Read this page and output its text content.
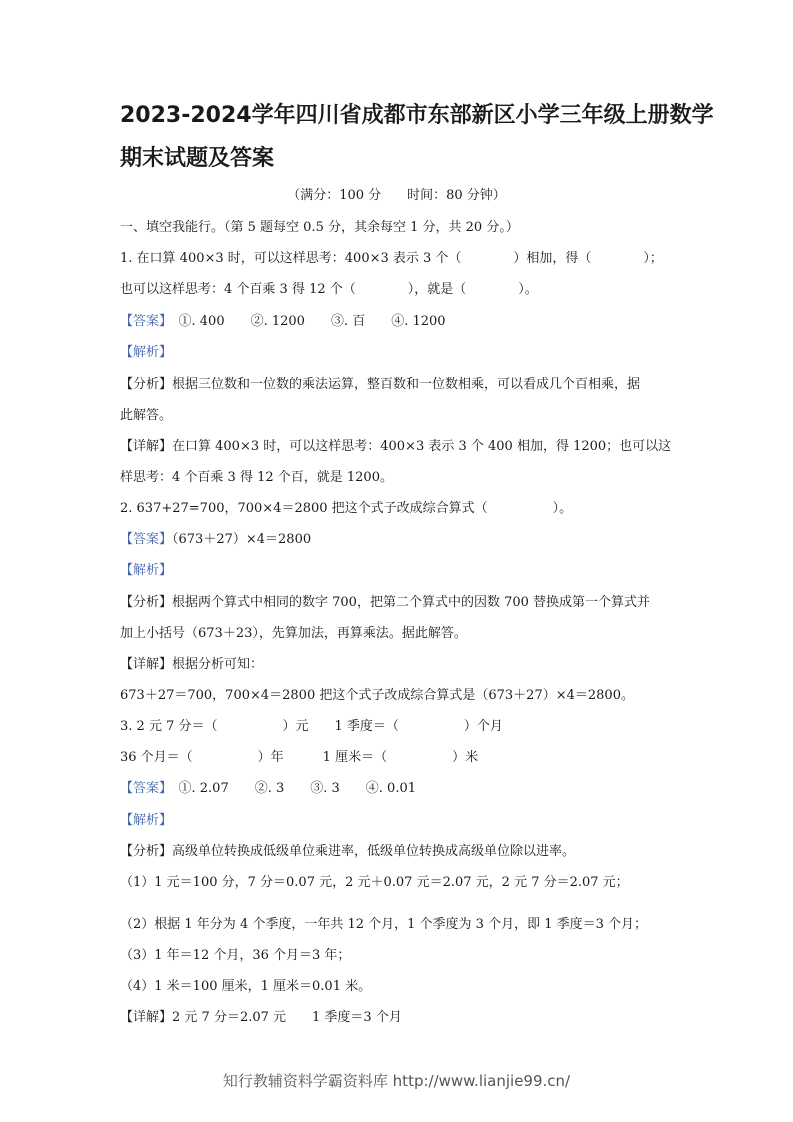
2023-2024学年四川省成都市东部新区小学三年级上册数学
期末试题及答案
（满分：100 分　　时间：80 分钟）
一、填空我能行。（第 5 题每空 0.5 分，其余每空 1 分，共 20 分。）
1. 在口算 400×3 时，可以这样思考：400×3 表示 3 个（　　　　）相加，得（　　　　）；
也可以这样思考：4 个百乘 3 得 12 个（　　　　），就是（　　　　）。
【答案】　①. 400　　②. 1200　　③. 百　　④. 1200
【解析】
【分析】根据三位数和一位数的乘法运算，整百数和一位数相乘，可以看成几个百相乘，据
此解答。
【详解】在口算 400×3 时，可以这样思考：400×3 表示 3 个 400 相加，得 1200；也可以这
样思考：4 个百乘 3 得 12 个百，就是 1200。
2. 637+27=700，700×4＝2800 把这个式子改成综合算式（　　　　　）。
【答案】（673＋27）×4＝2800
【解析】
【分析】根据两个算式中相同的数字 700，把第二个算式中的因数 700 替换成第一个算式并
加上小括号（673＋23），先算加法，再算乘法。据此解答。
【详解】根据分析可知：
673＋27＝700，700×4＝2800 把这个式子改成综合算式是（673＋27）×4＝2800。
3. 2 元 7 分＝（　　　　　）元　　1 季度＝（　　　　　）个月
36 个月＝（　　　　　）年　　　1 厘米＝（　　　　　）米
【答案】　①. 2.07　　②. 3　　③. 3　　④. 0.01
【解析】
【分析】高级单位转换成低级单位乘进率，低级单位转换成高级单位除以进率。
（1）1 元＝100 分，7 分＝0.07 元，2 元＋0.07 元＝2.07 元，2 元 7 分＝2.07 元；
（2）根据 1 年分为 4 个季度，一年共 12 个月，1 个季度为 3 个月，即 1 季度＝3 个月；
（3）1 年＝12 个月，36 个月＝3 年；
（4）1 米＝100 厘米，1 厘米＝0.01 米。
【详解】2 元 7 分＝2.07 元　　1 季度＝3 个月
知行教辅资料学霸资料库 http://www.lianjie99.cn/
